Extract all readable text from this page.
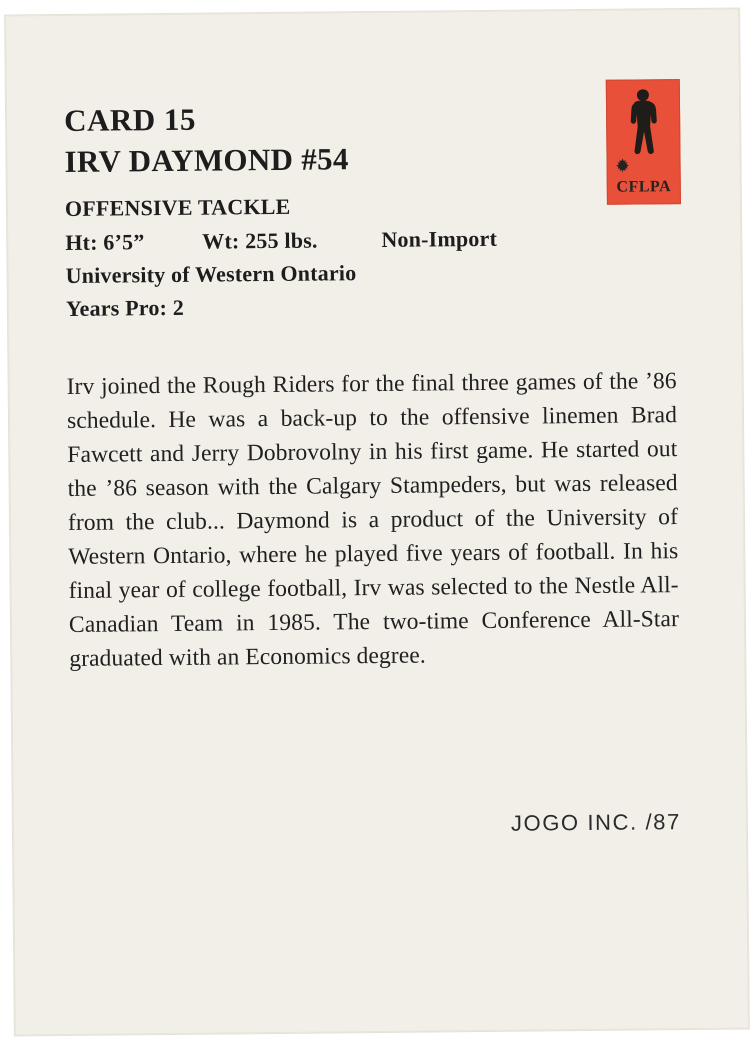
CFLPA
CARD 15
IRV DAYMOND #54
OFFENSIVE TACKLE
Ht: 6’5”	Wt: 255 lbs.	Non-Import
University of Western Ontario
Years Pro: 2
Irv joined the Rough Riders for the final three games of the ’86 schedule. He was a back-up to the offensive linemen Brad Fawcett and Jerry Dobrovolny in his first game. He started out the ’86 season with the Calgary Stampeders, but was released from the club... Daymond is a product of the University of Western Ontario, where he played five years of football. In his final year of college football, Irv was selected to the Nestle All-Canadian Team in 1985. The two-time Conference All-Star graduated with an Economics degree.
JOGO INC. /87
